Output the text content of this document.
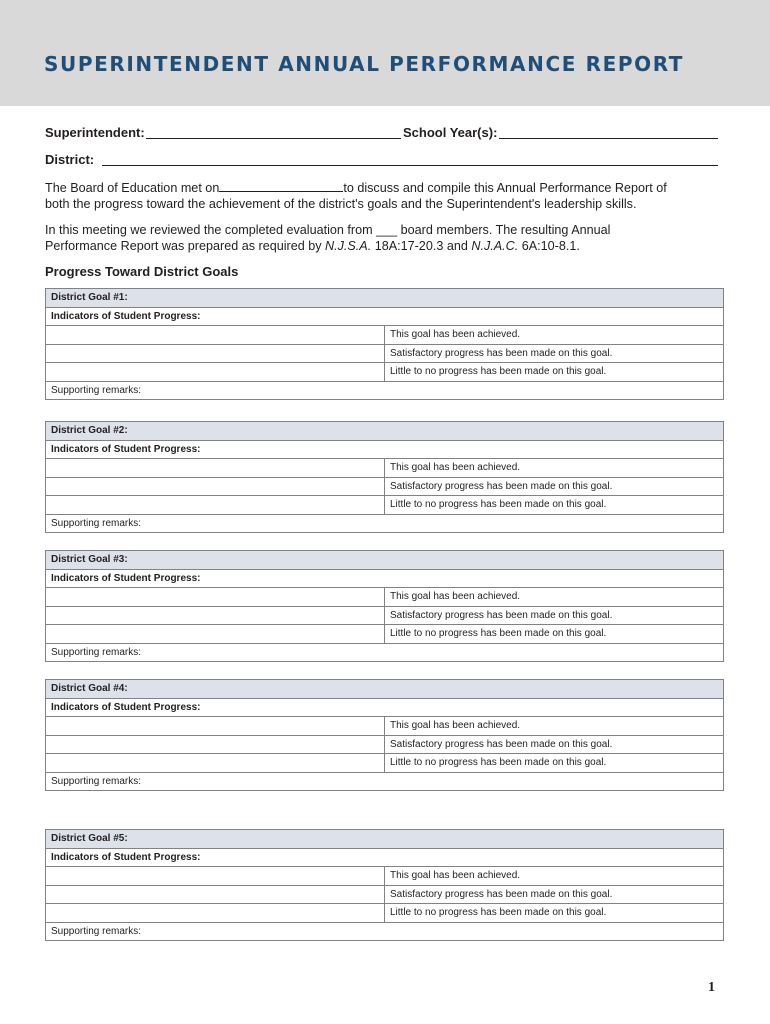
SUPERINTENDENT ANNUAL PERFORMANCE REPORT
Superintendent:	School Year(s):
District:

The Board of Education met on	to discuss and compile this Annual Performance Report of
both the progress toward the achievement of the district's goals and the Superintendent's leadership skills.

In this meeting we reviewed the completed evaluation from ___ board members. The resulting Annual
Performance Report was prepared as required by N.J.S.A. 18A:17-20.3 and N.J.A.C. 6A:10-8.1.

Progress Toward District Goals
District Goal #1:	
Indicators of Student Progress:	
	This goal has been achieved.
	Satisfactory progress has been made on this goal.
	Little to no progress has been made on this goal.
Supporting remarks:	
District Goal #2:	
Indicators of Student Progress:	
	This goal has been achieved.
	Satisfactory progress has been made on this goal.
	Little to no progress has been made on this goal.
Supporting remarks:	
District Goal #3:	
Indicators of Student Progress:	
	This goal has been achieved.
	Satisfactory progress has been made on this goal.
	Little to no progress has been made on this goal.
Supporting remarks:	
District Goal #4:	
Indicators of Student Progress:	
	This goal has been achieved.
	Satisfactory progress has been made on this goal.
	Little to no progress has been made on this goal.
Supporting remarks:	
District Goal #5:	
Indicators of Student Progress:	
	This goal has been achieved.
	Satisfactory progress has been made on this goal.
	Little to no progress has been made on this goal.
Supporting remarks:	
1
